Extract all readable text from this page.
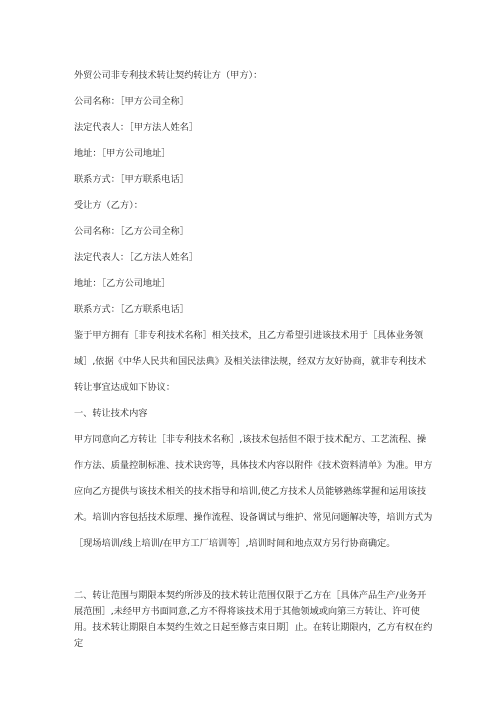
外贸公司非专利技术转让契约转让方（甲方）：
公司名称：［甲方公司全称］
法定代表人：［甲方法人姓名］
地址：［甲方公司地址］
联系方式：［甲方联系电话］
受让方（乙方）：
公司名称：［乙方公司全称］
法定代表人：［乙方法人姓名］
地址：［乙方公司地址］
联系方式：［乙方联系电话］

鉴于甲方拥有［非专利技术名称］相关技术，且乙方希望引进该技术用于［具体业务领域］,依据《中华人民共和国民法典》及相关法律法规，经双方友好协商，就非专利技术转让事宜达成如下协议：

一、转让技术内容

甲方同意向乙方转让［非专利技术名称］,该技术包括但不限于技术配方、工艺流程、操作方法、质量控制标准、技术诀窍等，具体技术内容以附件《技术资料清单》为准。甲方应向乙方提供与该技术相关的技术指导和培训,使乙方技术人员能够熟练掌握和运用该技术。培训内容包括技术原理、操作流程、设备调试与维护、常见问题解决等，培训方式为［现场培训/线上培训/在甲方工厂培训等］,培训时间和地点双方另行协商确定。

二、转让范围与期限本契约所涉及的技术转让范围仅限于乙方在［具体产品生产/业务开展范围］,未经甲方书面同意,乙方不得将该技术用于其他领域或向第三方转让、许可使用。技术转让期限自本契约生效之日起至修吉束日期］止。在转让期限内，乙方有权在约定
